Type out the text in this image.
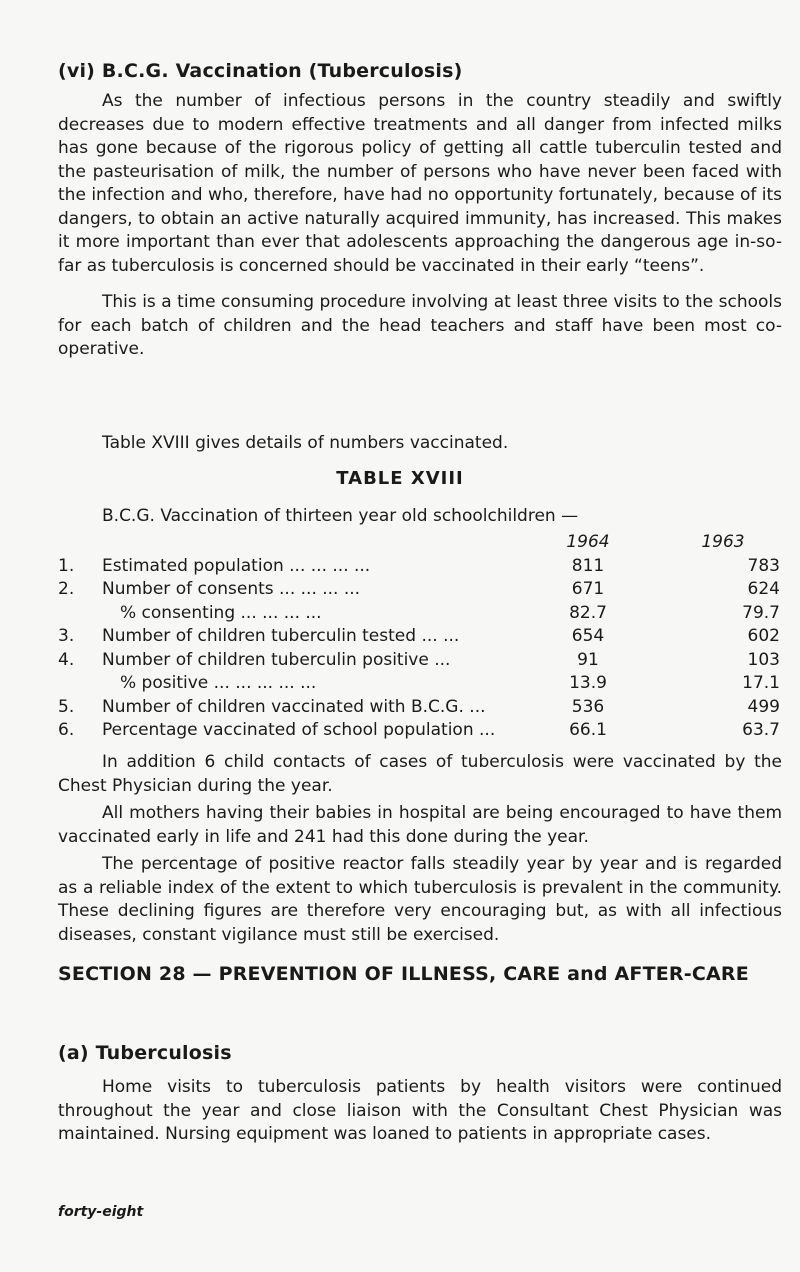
(vi) B.C.G. Vaccination (Tuberculosis)
As the number of infectious persons in the country steadily and swiftly decreases due to modern effective treatments and all danger from infected milks has gone because of the rigorous policy of getting all cattle tuberculin tested and the pasteurisation of milk, the number of persons who have never been faced with the infection and who, therefore, have had no opportunity fortunately, because of its dangers, to obtain an active naturally acquired immunity, has increased. This makes it more important than ever that adolescents approaching the dangerous age in-so-far as tuberculosis is concerned should be vaccinated in their early “teens”.
This is a time consuming procedure involving at least three visits to the schools for each batch of children and the head teachers and staff have been most co-operative.
Table XVIII gives details of numbers vaccinated.
TABLE XVIII
B.C.G. Vaccination of thirteen year old schoolchildren —
1964	1963
1.	Estimated population ... ... ... ...	811	783
2.	Number of consents ... ... ... ...	671	624
% consenting ... ... ... ...	82.7	79.7
3.	Number of children tuberculin tested ... ...	654	602
4.	Number of children tuberculin positive ...	91	103
% positive ... ... ... ... ...	13.9	17.1
5.	Number of children vaccinated with B.C.G. ...	536	499
6.	Percentage vaccinated of school population ...	66.1	63.7
In addition 6 child contacts of cases of tuberculosis were vaccinated by the Chest Physician during the year.
All mothers having their babies in hospital are being encouraged to have them vaccinated early in life and 241 had this done during the year.
The percentage of positive reactor falls steadily year by year and is regarded as a reliable index of the extent to which tuberculosis is prevalent in the community. These declining figures are therefore very encouraging but, as with all infectious diseases, constant vigilance must still be exercised.
SECTION 28 — PREVENTION OF ILLNESS, CARE and AFTER-CARE
(a) Tuberculosis
Home visits to tuberculosis patients by health visitors were continued throughout the year and close liaison with the Consultant Chest Physician was maintained. Nursing equipment was loaned to patients in appropriate cases.
forty-eight
